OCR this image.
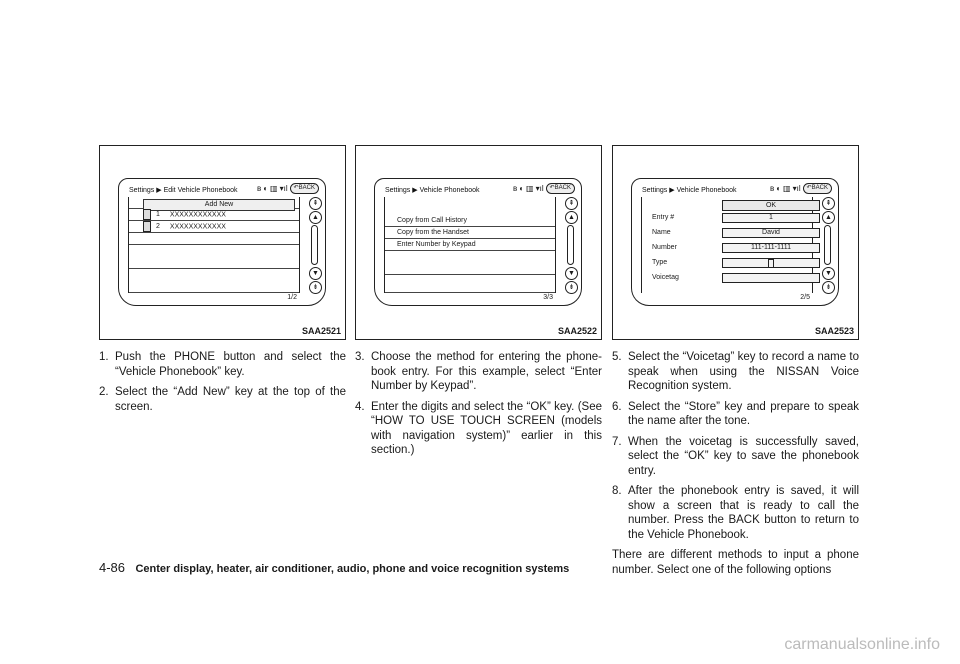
Settings ▶ Edit Vehicle Phonebook ʙ ◐ ▥ ▾ıl	↶BACK
Add New
1 XXXXXXXXXXXX
2 XXXXXXXXXXXX
⇞
▲
▼
⇟
1/2
SAA2521
1. Push the PHONE button and select the “Vehicle Phonebook” key.
2. Select the “Add New” key at the top of the screen.
Settings ▶ Vehicle Phonebook	ʙ ◐ ▥ ▾ıl	↶BACK
Copy from Call History
Copy from the Handset
Enter Number by Keypad
⇞
▲
▼
⇟
3/3
SAA2522
3. Choose the method for entering the phone-book entry. For this example, select “Enter Number by Keypad”.
4. Enter the digits and select the “OK” key. (See “HOW TO USE TOUCH SCREEN (models with navigation system)” earlier in this section.)
Settings ▶ Vehicle Phonebook	ʙ ◐ ▥ ▾ıl	↶BACK
OK
Entry #	1
Name	David
Number	111-111-1111
Type
Voicetag
⇞
▲
▼
⇟
2/5
SAA2523
5. Select the “Voicetag” key to record a name to speak when using the NISSAN Voice Recognition system.
6. Select the “Store” key and prepare to speak the name after the tone.
7. When the voicetag is successfully saved, select the “OK” key to save the phonebook entry.
8. After the phonebook entry is saved, it will show a screen that is ready to call the number. Press the BACK button to return to the Vehicle Phonebook.

There are different methods to input a phone number. Select one of the following options

4-86 Center display, heater, air conditioner, audio, phone and voice recognition systems
carmanualsonline.info
